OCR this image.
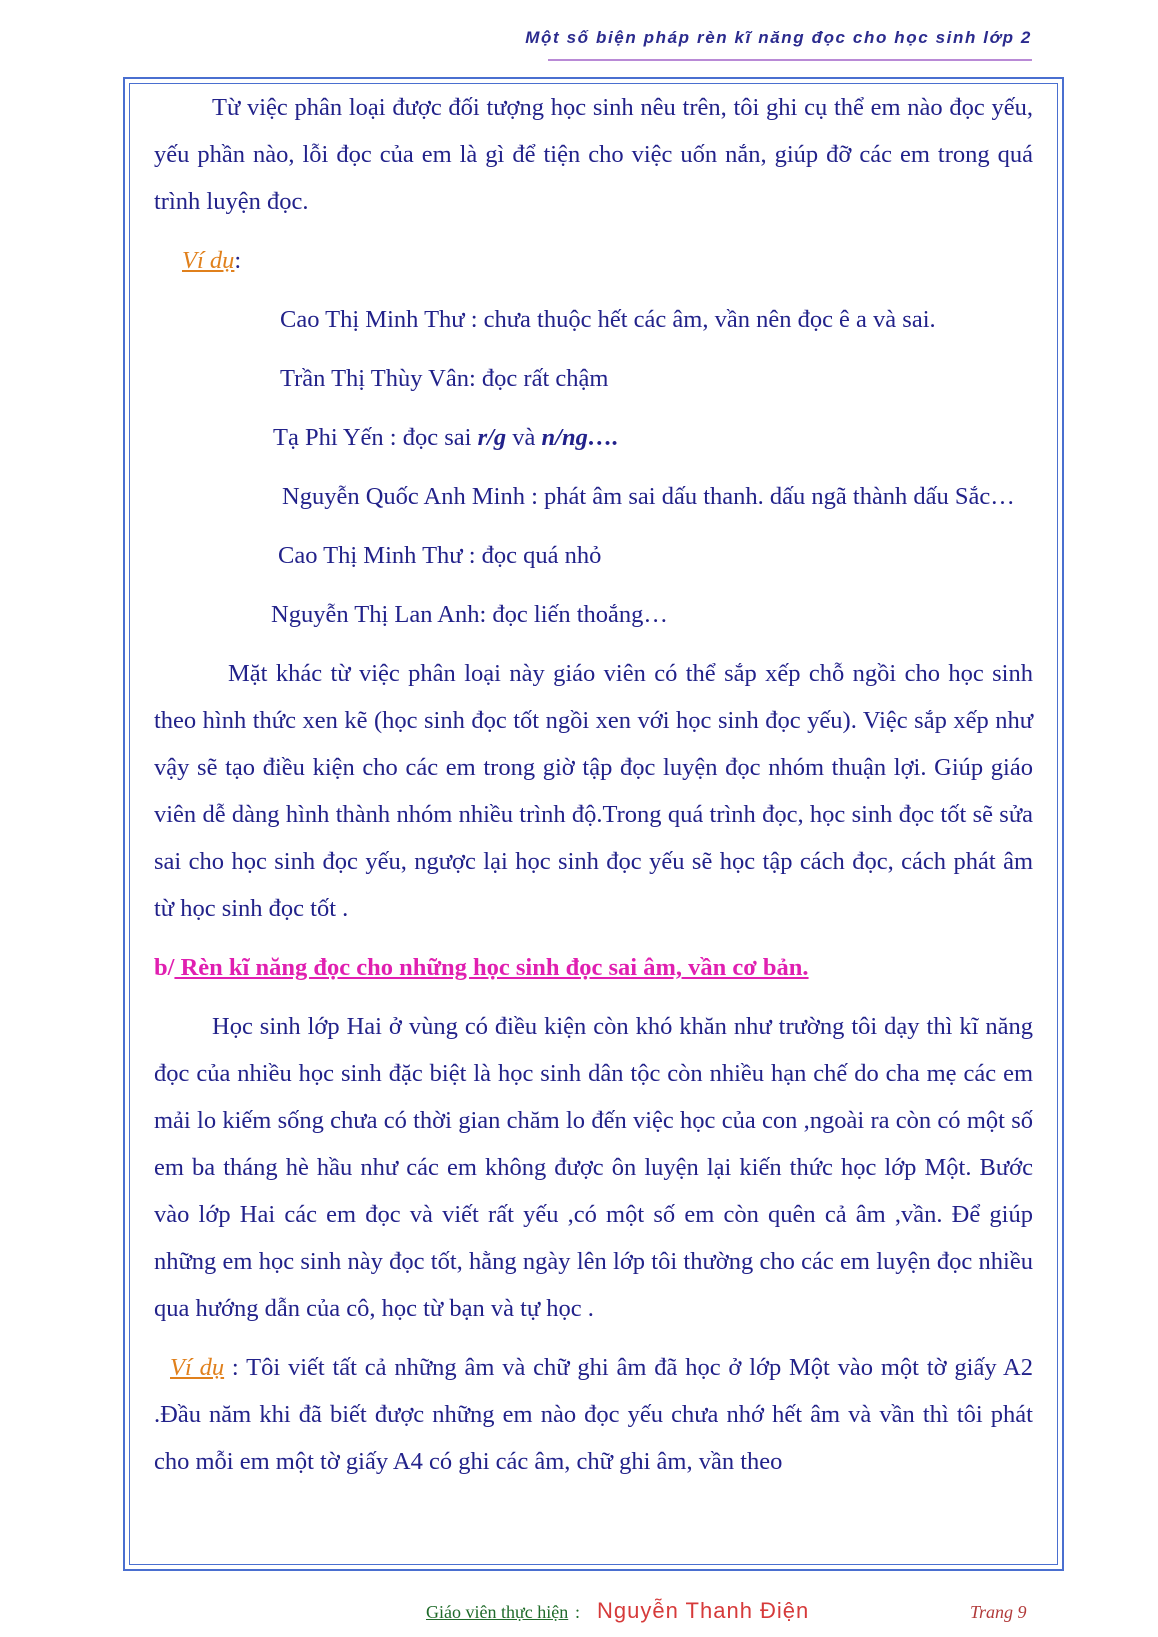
Một số biện pháp rèn kĩ năng đọc cho học sinh lớp 2

Từ việc phân loại được đối tượng học sinh nêu trên, tôi ghi cụ thể em nào đọc yếu, yếu phần nào, lỗi đọc của em là gì để tiện cho việc uốn nắn, giúp đỡ các em trong quá trình luyện đọc.

Ví dụ:

Cao Thị Minh Thư : chưa thuộc hết các âm, vần nên đọc ê a và sai.

Trần Thị Thùy Vân: đọc rất chậm

Tạ Phi Yến : đọc sai r/g và n/ng….

Nguyễn Quốc Anh Minh : phát âm sai dấu thanh. dấu ngã thành dấu Sắc…

Cao Thị Minh Thư : đọc quá nhỏ

Nguyễn Thị Lan Anh: đọc liến thoắng…

Mặt khác từ việc phân loại này giáo viên có thể sắp xếp chỗ ngồi cho học sinh theo hình thức xen kẽ (học sinh đọc tốt ngồi xen với học sinh đọc yếu). Việc sắp xếp như vậy sẽ tạo điều kiện cho các em trong giờ tập đọc luyện đọc nhóm thuận lợi. Giúp giáo viên dễ dàng hình thành nhóm nhiều trình độ.Trong quá trình đọc, học sinh đọc tốt sẽ sửa sai cho học sinh đọc yếu, ngược lại học sinh đọc yếu sẽ học tập cách đọc, cách phát âm từ học sinh đọc tốt .

b/ Rèn kĩ năng đọc cho những học sinh đọc sai âm, vần cơ bản.

Học sinh lớp Hai ở vùng có điều kiện còn khó khăn như trường tôi dạy thì kĩ năng đọc của nhiều học sinh đặc biệt là học sinh dân tộc còn nhiều hạn chế do cha mẹ các em mải lo kiếm sống chưa có thời gian chăm lo đến việc học của con ,ngoài ra còn có một số em ba tháng hè hầu như các em không được ôn luyện lại kiến thức học lớp Một. Bước vào lớp Hai các em đọc và viết rất yếu ,có một số em còn quên cả âm ,vần. Để giúp những em học sinh này đọc tốt, hằng ngày lên lớp tôi thường cho các em luyện đọc nhiều qua hướng dẫn của cô, học từ bạn và tự học .

Ví dụ : Tôi viết tất cả những âm và chữ ghi âm đã học ở lớp Một vào một tờ giấy A2 .Đầu năm khi đã biết được những em nào đọc yếu chưa nhớ hết âm và vần thì tôi phát cho mỗi em một tờ giấy A4 có ghi các âm, chữ ghi âm, vần theo

Giáo viên thực hiện : Nguyễn Thanh Điện	Trang 9
